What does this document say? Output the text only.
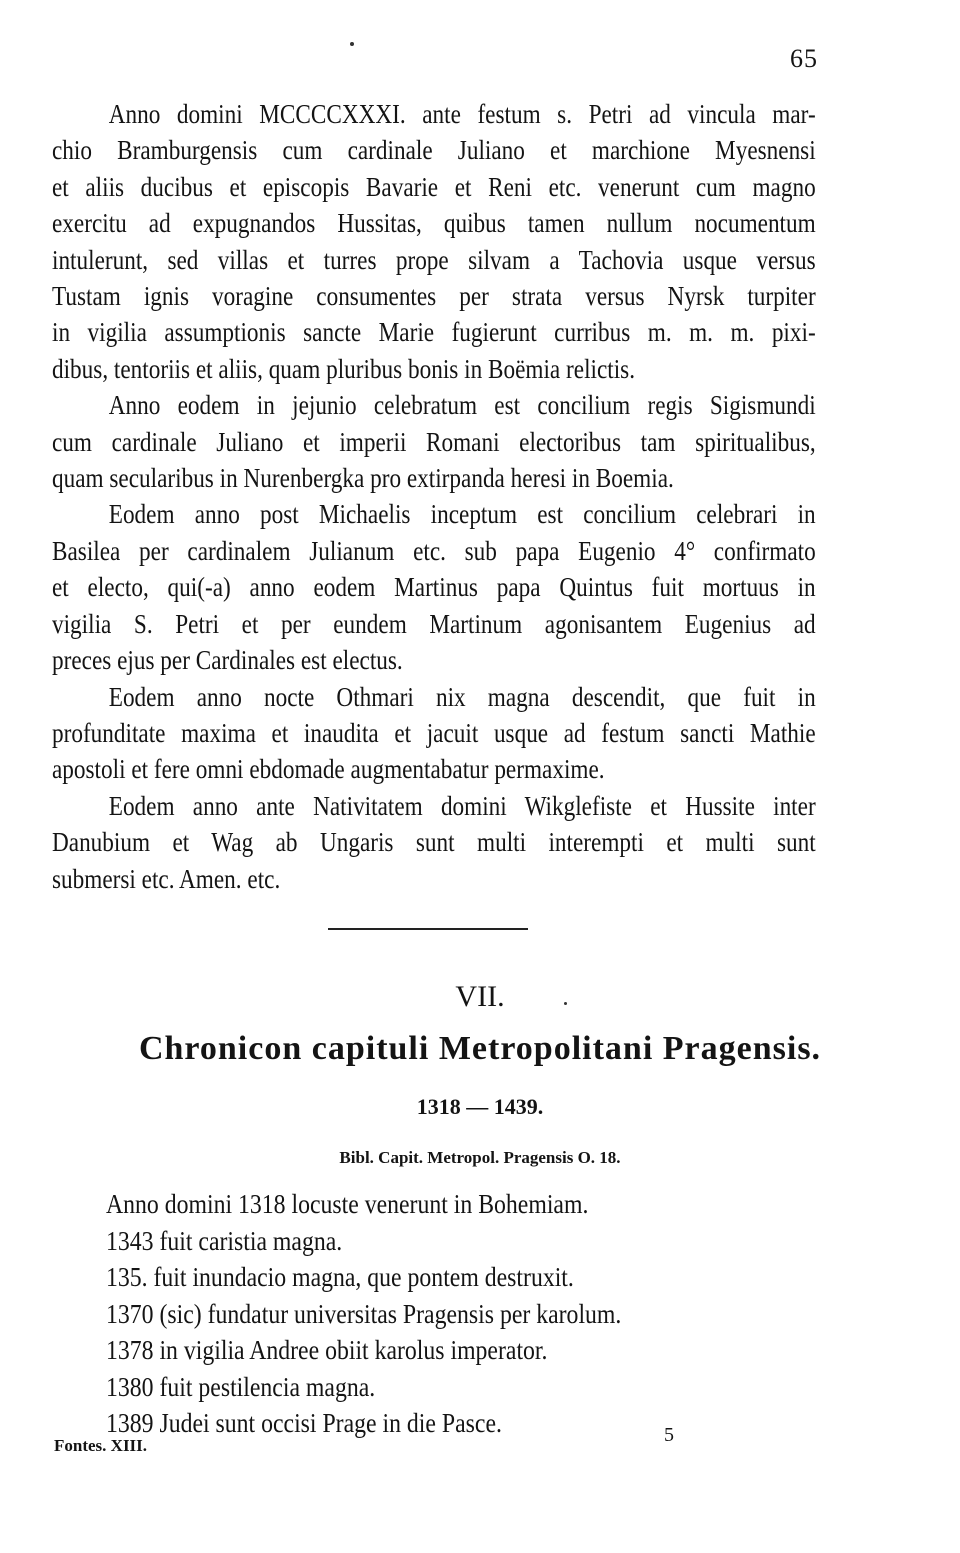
65
Anno domini MCCCCXXXI. ante festum s. Petri ad vincula mar-
chio Bramburgensis cum cardinale Juliano et marchione Myesnensi
et aliis ducibus et episcopis Bavarie et Reni etc. venerunt cum magno
exercitu ad expugnandos Hussitas, quibus tamen nullum nocumentum
intulerunt, sed villas et turres prope silvam a Tachovia usque versus
Tustam ignis voragine consumentes per strata versus Nyrsk turpiter
in vigilia assumptionis sancte Marie fugierunt curribus m. m. m. pixi-
dibus, tentoriis et aliis, quam pluribus bonis in Boëmia relictis.
Anno eodem in jejunio celebratum est concilium regis Sigismundi
cum cardinale Juliano et imperii Romani electoribus tam spiritualibus,
quam secularibus in Nurenbergka pro extirpanda heresi in Boemia.
Eodem anno post Michaelis inceptum est concilium celebrari in
Basilea per cardinalem Julianum etc. sub papa Eugenio 4° confirmato
et electo, qui(-a) anno eodem Martinus papa Quintus fuit mortuus in
vigilia S. Petri et per eundem Martinum agonisantem Eugenius ad
preces ejus per Cardinales est electus.
Eodem anno nocte Othmari nix magna descendit, que fuit in
profunditate maxima et inaudita et jacuit usque ad festum sancti Mathie
apostoli et fere omni ebdomade augmentabatur permaxime.
Eodem anno ante Nativitatem domini Wikglefiste et Hussite inter
Danubium et Wag ab Ungaris sunt multi interempti et multi sunt
submersi etc. Amen. etc.
VII.
Chronicon capituli Metropolitani Pragensis.
1318 — 1439.
Bibl. Capit. Metropol. Pragensis O. 18.
Anno domini 1318 locuste venerunt in Bohemiam.
1343 fuit caristia magna.
135. fuit inundacio magna, que pontem destruxit.
1370 (sic) fundatur universitas Pragensis per karolum.
1378 in vigilia Andree obiit karolus imperator.
1380 fuit pestilencia magna.
1389 Judei sunt occisi Prage in die Pasce.
Fontes. XIII.	5
